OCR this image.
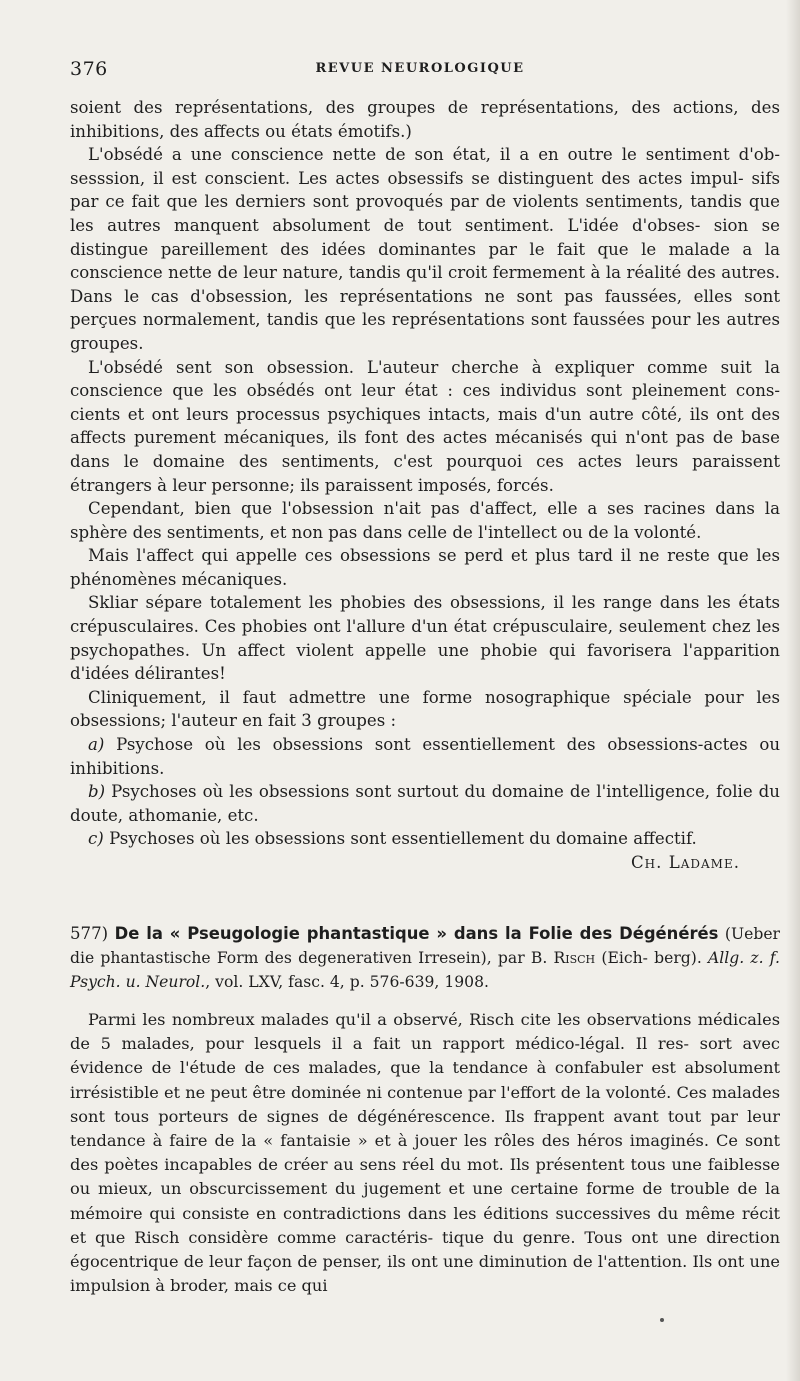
376	REVUE NEUROLOGIQUE

soient des représentations, des groupes de représentations, des actions, des inhibitions, des affects ou états émotifs.)

L'obsédé a une conscience nette de son état, il a en outre le sentiment d'ob- sesssion, il est conscient. Les actes obsessifs se distinguent des actes impul- sifs par ce fait que les derniers sont provoqués par de violents sentiments, tandis que les autres manquent absolument de tout sentiment. L'idée d'obses- sion se distingue pareillement des idées dominantes par le fait que le malade a la conscience nette de leur nature, tandis qu'il croit fermement à la réalité des autres. Dans le cas d'obsession, les représentations ne sont pas faussées, elles sont perçues normalement, tandis que les représentations sont faussées pour les autres groupes.

L'obsédé sent son obsession. L'auteur cherche à expliquer comme suit la conscience que les obsédés ont leur état : ces individus sont pleinement cons- cients et ont leurs processus psychiques intacts, mais d'un autre côté, ils ont des affects purement mécaniques, ils font des actes mécanisés qui n'ont pas de base dans le domaine des sentiments, c'est pourquoi ces actes leurs paraissent étrangers à leur personne; ils paraissent imposés, forcés.

Cependant, bien que l'obsession n'ait pas d'affect, elle a ses racines dans la sphère des sentiments, et non pas dans celle de l'intellect ou de la volonté.

Mais l'affect qui appelle ces obsessions se perd et plus tard il ne reste que les phénomènes mécaniques.

Skliar sépare totalement les phobies des obsessions, il les range dans les états crépusculaires. Ces phobies ont l'allure d'un état crépusculaire, seulement chez les psychopathes. Un affect violent appelle une phobie qui favorisera l'apparition d'idées délirantes!

Cliniquement, il faut admettre une forme nosographique spéciale pour les obsessions; l'auteur en fait 3 groupes :

a) Psychose où les obsessions sont essentiellement des obsessions-actes ou inhibitions.

b) Psychoses où les obsessions sont surtout du domaine de l'intelligence, folie du doute, athomanie, etc.

c) Psychoses où les obsessions sont essentiellement du domaine affectif.

Ch. Ladame.

577) De la « Pseugologie phantastique » dans la Folie des Dégénérés (Ueber die phantastische Form des degenerativen Irresein), par B. Risch (Eich- berg). Allg. z. f. Psych. u. Neurol., vol. LXV, fasc. 4, p. 576-639, 1908.

Parmi les nombreux malades qu'il a observé, Risch cite les observations médicales de 5 malades, pour lesquels il a fait un rapport médico-légal. Il res- sort avec évidence de l'étude de ces malades, que la tendance à confabuler est absolument irrésistible et ne peut être dominée ni contenue par l'effort de la volonté. Ces malades sont tous porteurs de signes de dégénérescence. Ils frappent avant tout par leur tendance à faire de la « fantaisie » et à jouer les rôles des héros imaginés. Ce sont des poètes incapables de créer au sens réel du mot. Ils présentent tous une faiblesse ou mieux, un obscurcissement du jugement et une certaine forme de trouble de la mémoire qui consiste en contradictions dans les éditions successives du même récit et que Risch considère comme caractéris- tique du genre. Tous ont une direction égocentrique de leur façon de penser, ils ont une diminution de l'attention. Ils ont une impulsion à broder, mais ce qui
